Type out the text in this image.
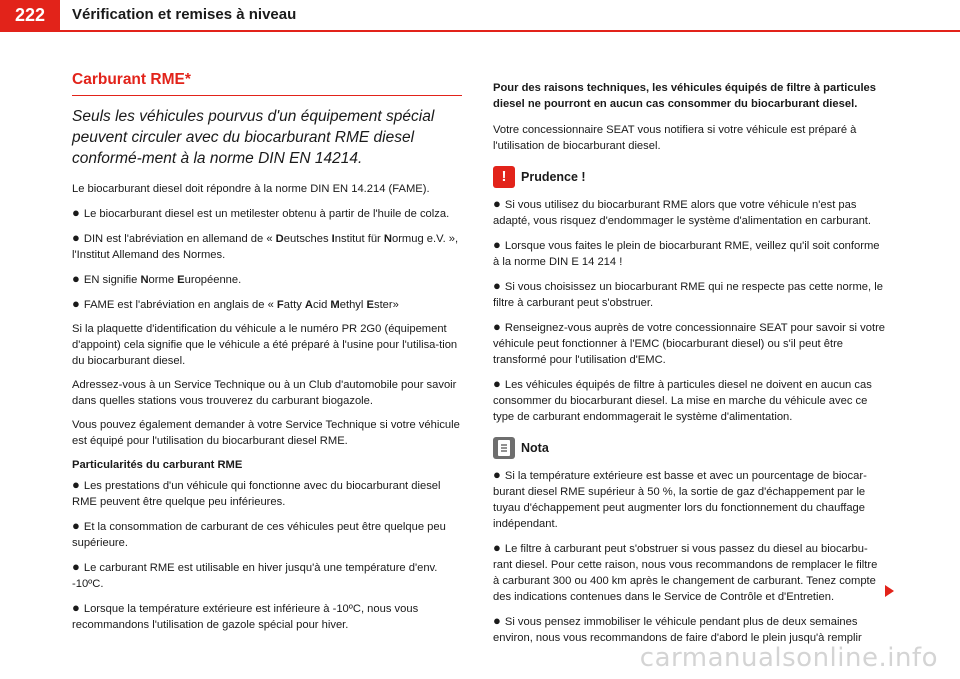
222	Vérification et remises à niveau
Carburant RME*
Seuls les véhicules pourvus d'un équipement spécial peuvent circuler avec du biocarburant RME diesel conformé-ment à la norme DIN EN 14214.

Le biocarburant diesel doit répondre à la norme DIN EN 14.214 (FAME).

● Le biocarburant diesel est un metilester obtenu à partir de l'huile de colza.
● DIN est l'abréviation en allemand de « Deutsches Institut für Normug e.V. », l'Institut Allemand des Normes.
● EN signifie Norme Européenne.
● FAME est l'abréviation en anglais de « Fatty Acid Methyl Ester»

Si la plaquette d'identification du véhicule a le numéro PR 2G0 (équipement d'appoint) cela signifie que le véhicule a été préparé à l'usine pour l'utilisa-tion du biocarburant diesel.

Adressez-vous à un Service Technique ou à un Club d'automobile pour savoir dans quelles stations vous trouverez du carburant biogazole.

Vous pouvez également demander à votre Service Technique si votre véhicule est équipé pour l'utilisation du biocarburant diesel RME.

Particularités du carburant RME
● Les prestations d'un véhicule qui fonctionne avec du biocarburant diesel RME peuvent être quelque peu inférieures.
● Et la consommation de carburant de ces véhicules peut être quelque peu supérieure.
● Le carburant RME est utilisable en hiver jusqu'à une température d'env. -10ºC.
● Lorsque la température extérieure est inférieure à -10ºC, nous vous recommandons l'utilisation de gazole spécial pour hiver.
Pour des raisons techniques, les véhicules équipés de filtre à particules diesel ne pourront en aucun cas consommer du biocarburant diesel.

Votre concessionnaire SEAT vous notifiera si votre véhicule est préparé à l'utilisation de biocarburant diesel.

!	Prudence !
● Si vous utilisez du biocarburant RME alors que votre véhicule n'est pas adapté, vous risquez d'endommager le système d'alimentation en carburant.
● Lorsque vous faites le plein de biocarburant RME, veillez qu'il soit conforme à la norme DIN E 14 214 !
● Si vous choisissez un biocarburant RME qui ne respecte pas cette norme, le filtre à carburant peut s'obstruer.
● Renseignez-vous auprès de votre concessionnaire SEAT pour savoir si votre véhicule peut fonctionner à l'EMC (biocarburant diesel) ou s'il peut être transformé pour l'utilisation d'EMC.
● Les véhicules équipés de filtre à particules diesel ne doivent en aucun cas consommer du biocarburant diesel. La mise en marche du véhicule avec ce type de carburant endommagerait le système d'alimentation.
Nota
● Si la température extérieure est basse et avec un pourcentage de biocar-burant diesel RME supérieur à 50 %, la sortie de gaz d'échappement par le tuyau d'échappement peut augmenter lors du fonctionnement du chauffage indépendant.
● Le filtre à carburant peut s'obstruer si vous passez du diesel au biocarbu-rant diesel. Pour cette raison, nous vous recommandons de remplacer le filtre à carburant 300 ou 400 km après le changement de carburant. Tenez compte des indications contenues dans le Service de Contrôle et d'Entretien.
● Si vous pensez immobiliser le véhicule pendant plus de deux semaines environ, nous vous recommandons de faire d'abord le plein jusqu'à remplir
carmanualsonline.info
